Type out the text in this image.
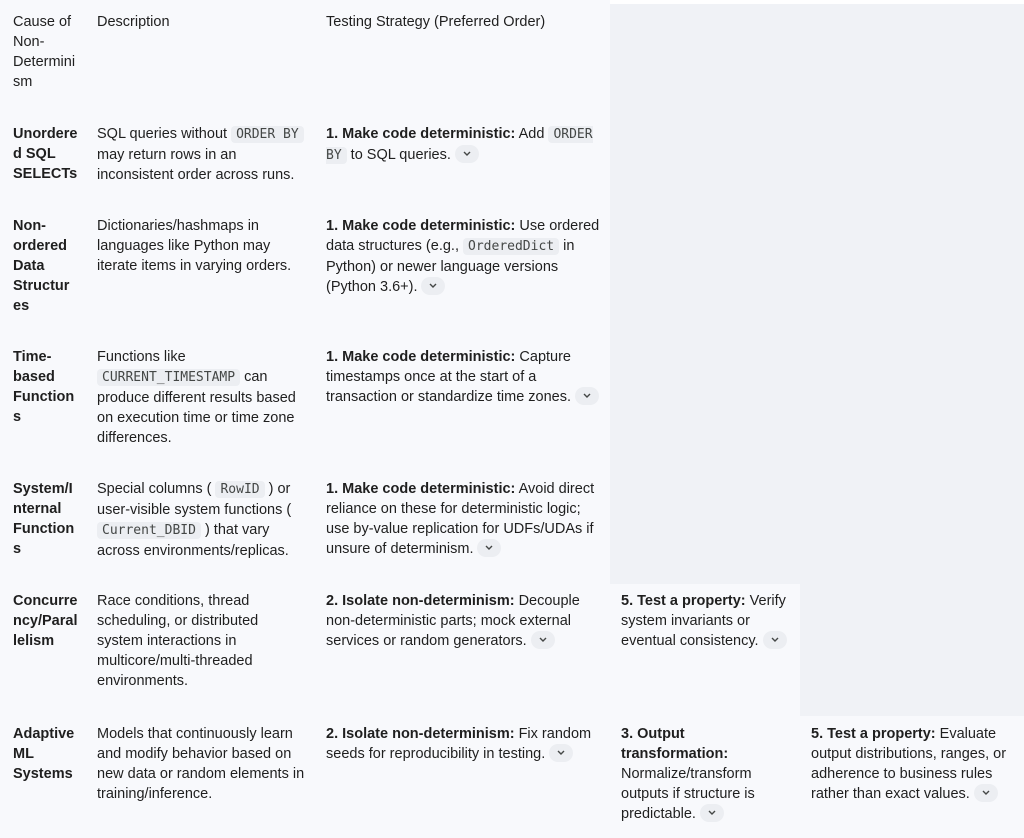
Cause of Non-Determinism
Description	Testing Strategy (Preferred Order)
Unordered SQL SELECTs
SQL queries without ORDER BY may return rows in an inconsistent order across runs.
1. Make code deterministic: Add ORDER BY to SQL queries.
Non-ordered Data Structures
Dictionaries/hashmaps in languages like Python may iterate items in varying orders.
1. Make code deterministic: Use ordered data structures (e.g., OrderedDict in Python) or newer language versions (Python 3.6+).
Time-based Functions
Functions like CURRENT_TIMESTAMP can produce different results based on execution time or time zone differences.
1. Make code deterministic: Capture timestamps once at the start of a transaction or standardize time zones.
System/Internal Functions
Special columns ( RowID ) or user-visible system functions ( Current_DBID ) that vary across environments/replicas.
1. Make code deterministic: Avoid direct reliance on these for deterministic logic; use by-value replication for UDFs/UDAs if unsure of determinism.
Concurrency/Parallelism
Race conditions, thread scheduling, or distributed system interactions in multicore/multi-threaded environments.
2. Isolate non-determinism: Decouple non-deterministic parts; mock external services or random generators.
5. Test a property: Verify system invariants or eventual consistency.
Adaptive ML Systems
Models that continuously learn and modify behavior based on new data or random elements in training/inference.
2. Isolate non-determinism: Fix random seeds for reproducibility in testing.
3. Output transformation: Normalize/transform outputs if structure is predictable.
5. Test a property: Evaluate output distributions, ranges, or adherence to business rules rather than exact values.
